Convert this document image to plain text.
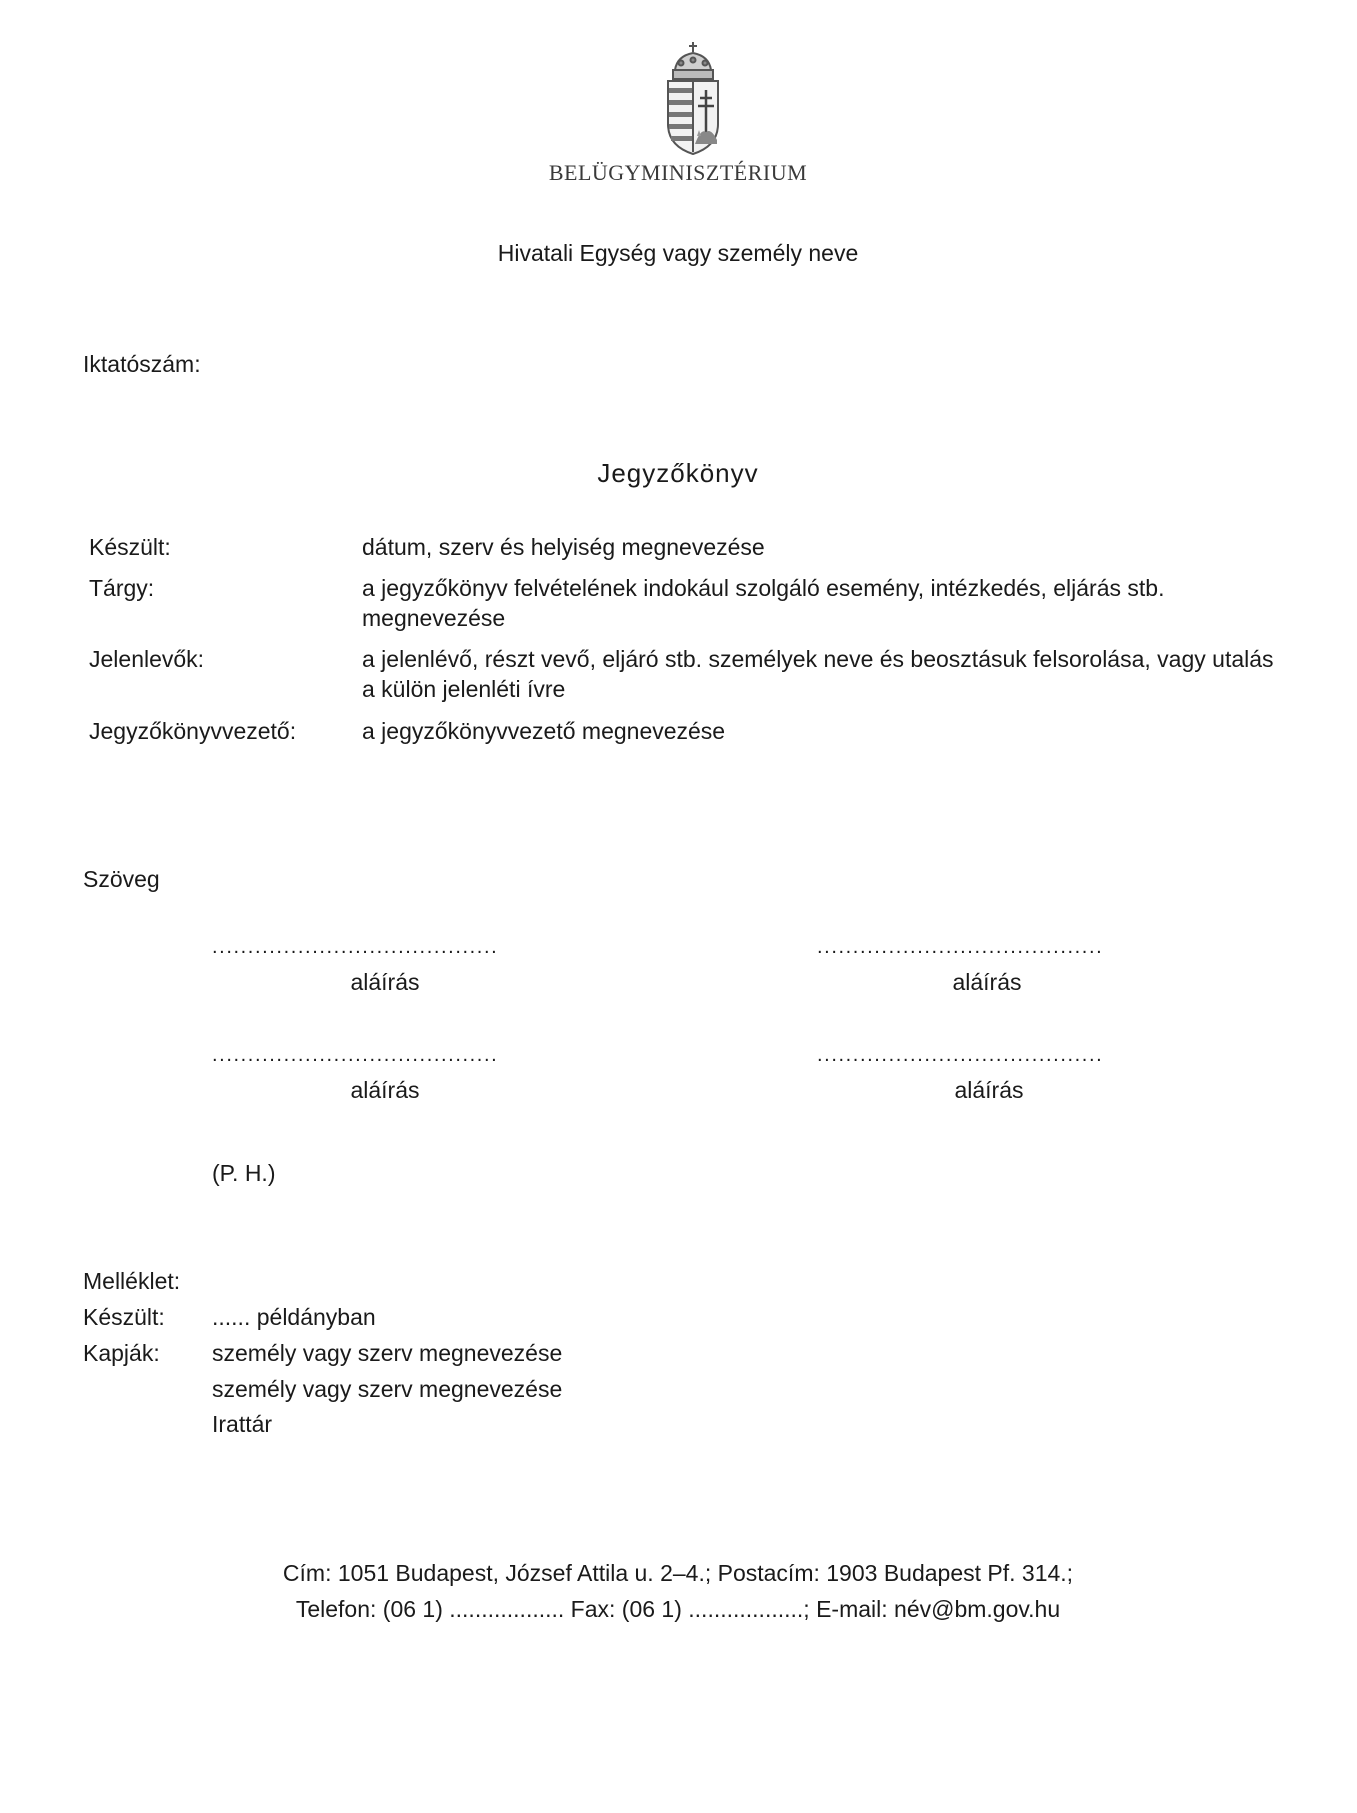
BELÜGYMINISZTÉRIUM
Hivatali Egység vagy személy neve
Iktatószám:
Jegyzőkönyv
Készült:	dátum, szerv és helyiség megnevezése
Tárgy:	a jegyzőkönyv felvételének indokául szolgáló esemény, intézkedés, eljárás stb.
megnevezése
Jelenlevők:	a jelenlévő, részt vevő, eljáró stb. személyek neve és beosztásuk felsorolása, vagy utalás
a külön jelenléti ívre
Jegyzőkönyvvezető:	a jegyzőkönyvvezető megnevezése
Szöveg
........................................
aláírás
........................................
aláírás
........................................
aláírás
........................................
aláírás
(P. H.)
Melléklet:
Készült: ...... példányban
Kapják: személy vagy szerv megnevezése
személy vagy szerv megnevezése
Irattár
Cím: 1051 Budapest, József Attila u. 2–4.; Postacím: 1903 Budapest Pf. 314.;
Telefon: (06 1) .................. Fax: (06 1) ..................; E-mail: név@bm.gov.hu
